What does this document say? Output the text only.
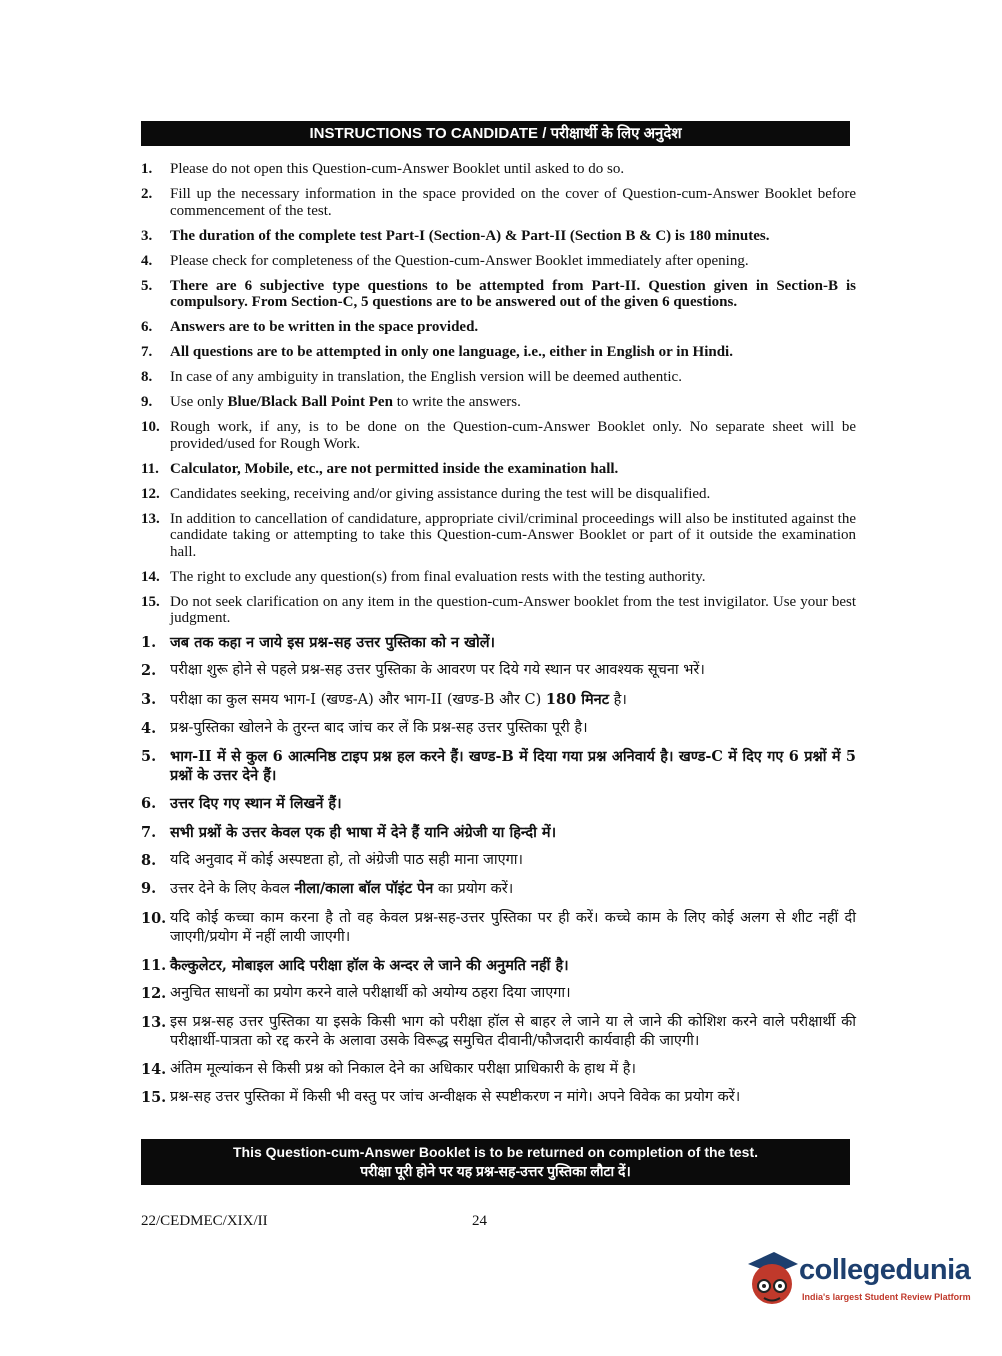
INSTRUCTIONS TO CANDIDATE / परीक्षार्थी के लिए अनुदेश
1.	Please do not open this Question-cum-Answer Booklet until asked to do so.
2.	Fill up the necessary information in the space provided on the cover of Question-cum-Answer Booklet before commencement of the test.
3.	The duration of the complete test Part-I (Section-A) & Part-II (Section B & C) is 180 minutes.
4.	Please check for completeness of the Question-cum-Answer Booklet immediately after opening.
5.	There are 6 subjective type questions to be attempted from Part-II. Question given in Section-B is compulsory. From Section-C, 5 questions are to be answered out of the given 6 questions.
6.	Answers are to be written in the space provided.
7.	All questions are to be attempted in only one language, i.e., either in English or in Hindi.
8.	In case of any ambiguity in translation, the English version will be deemed authentic.
9.	Use only Blue/Black Ball Point Pen to write the answers.
10. Rough work, if any, is to be done on the Question-cum-Answer Booklet only. No separate sheet will be provided/used for Rough Work.
11. Calculator, Mobile, etc., are not permitted inside the examination hall.
12. Candidates seeking, receiving and/or giving assistance during the test will be disqualified.
13. In addition to cancellation of candidature, appropriate civil/criminal proceedings will also be instituted against the candidate taking or attempting to take this Question-cum-Answer Booklet or part of it outside the examination hall.
14. The right to exclude any question(s) from final evaluation rests with the testing authority.
15. Do not seek clarification on any item in the question-cum-Answer booklet from the test invigilator. Use your best judgment.
1. जब तक कहा न जाये इस प्रश्न-सह उत्तर पुस्तिका को न खोलें।
2. परीक्षा शुरू होने से पहले प्रश्न-सह उत्तर पुस्तिका के आवरण पर दिये गये स्थान पर आवश्यक सूचना भरें।
3. परीक्षा का कुल समय भाग-I (खण्ड-A) और भाग-II (खण्ड-B और C) 180 मिनट है।
4. प्रश्न-पुस्तिका खोलने के तुरन्त बाद जांच कर लें कि प्रश्न-सह उत्तर पुस्तिका पूरी है।
5. भाग-II में से कुल 6 आत्मनिष्ठ टाइप प्रश्न हल करने हैं। खण्ड-B में दिया गया प्रश्न अनिवार्य है। खण्ड-C में दिए गए 6 प्रश्नों में 5 प्रश्नों के उत्तर देने हैं।
6. उत्तर दिए गए स्थान में लिखनें हैं।
7. सभी प्रश्नों के उत्तर केवल एक ही भाषा में देने हैं यानि अंग्रेजी या हिन्दी में।
8. यदि अनुवाद में कोई अस्पष्टता हो, तो अंग्रेजी पाठ सही माना जाएगा।
9. उत्तर देने के लिए केवल नीला/काला बॉल पॉइंट पेन का प्रयोग करें।
10. यदि कोई कच्चा काम करना है तो वह केवल प्रश्न-सह-उत्तर पुस्तिका पर ही करें। कच्चे काम के लिए कोई अलग से शीट नहीं दी जाएगी/प्रयोग में नहीं लायी जाएगी।
11. कैल्कुलेटर, मोबाइल आदि परीक्षा हॉल के अन्दर ले जाने की अनुमति नहीं है।
12. अनुचित साधनों का प्रयोग करने वाले परीक्षार्थी को अयोग्य ठहरा दिया जाएगा।
13. इस प्रश्न-सह उत्तर पुस्तिका या इसके किसी भाग को परीक्षा हॉल से बाहर ले जाने या ले जाने की कोशिश करने वाले परीक्षार्थी की परीक्षार्थी-पात्रता को रद्द करने के अलावा उसके विरूद्ध समुचित दीवानी/फौजदारी कार्यवाही की जाएगी।
14. अंतिम मूल्यांकन से किसी प्रश्न को निकाल देने का अधिकार परीक्षा प्राधिकारी के हाथ में है।
15. प्रश्न-सह उत्तर पुस्तिका में किसी भी वस्तु पर जांच अन्वीक्षक से स्पष्टीकरण न मांगे। अपने विवेक का प्रयोग करें।
This Question-cum-Answer Booklet is to be returned on completion of the test.
परीक्षा पूरी होने पर यह प्रश्न-सह-उत्तर पुस्तिका लौटा दें।
22/CEDMEC/XIX/II	24
collegedunia
India's largest Student Review Platform
